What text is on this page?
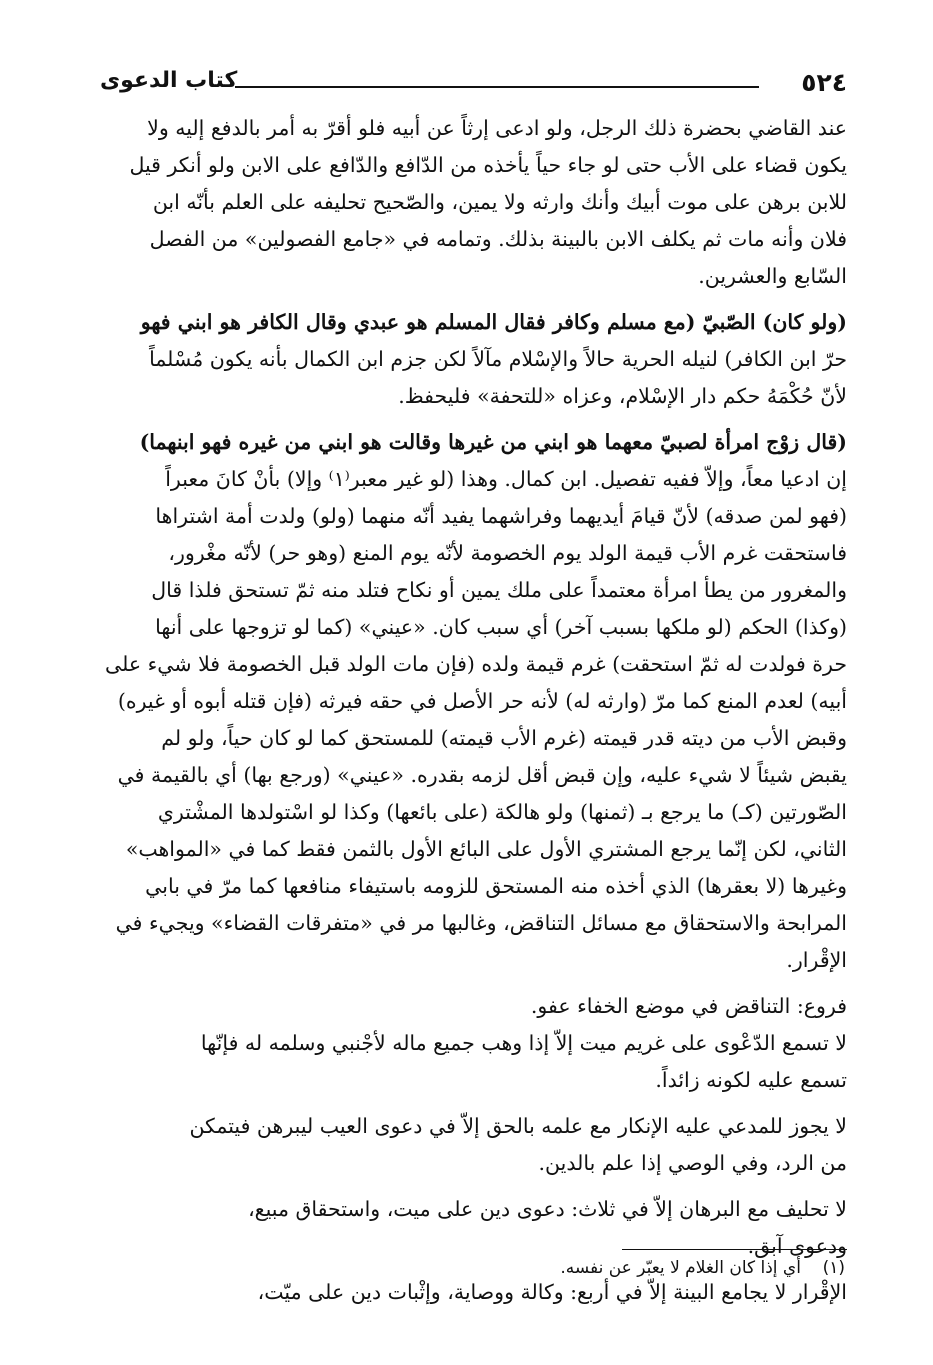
٥٢٤
كتاب الدعوى
عند القاضي بحضرة ذلك الرجل، ولو ادعى إرثاً عن أبيه فلو أقرّ به أمر بالدفع إليه ولا
يكون قضاء على الأب حتى لو جاء حياً يأخذه من الدّافع والدّافع على الابن ولو أنكر قيل
للابن برهن على موت أبيك وأنك وارثه ولا يمين، والصّحيح تحليفه على العلم بأنّه ابن
فلان وأنه مات ثم يكلف الابن بالبينة بذلك. وتمامه في «جامع الفصولين» من الفصل
السّابع والعشرين.
(ولو كان) الصّبيّ (مع مسلم وكافر فقال المسلم هو عبدي وقال الكافر هو ابني فهو
حرّ ابن الكافر) لنيله الحرية حالاً والإسْلام مآلاً لكن جزم ابن الكمال بأنه يكون مُسْلماً
لأنّ حُكْمَهُ حكم دار الإسْلام، وعزاه «للتحفة» فليحفظ.
(قال زوْج امرأة لصبيّ معهما هو ابني من غيرها وقالت هو ابني من غيره فهو ابنهما)
إن ادعيا معاً، وإلاّ ففيه تفصيل. ابن كمال. وهذا (لو غير معبر⁽١⁾ وإلا) بأنْ كانَ معبراً
(فهو لمن صدقه) لأنّ قيامَ أيديهما وفراشهما يفيد أنّه منهما (ولو) ولدت أمة اشتراها
فاستحقت غرم الأب قيمة الولد يوم الخصومة لأنّه يوم المنع (وهو حر) لأنّه مغْرور،
والمغرور من يطأ امرأة معتمداً على ملك يمين أو نكاح فتلد منه ثمّ تستحق فلذا قال
(وكذا) الحكم (لو ملكها بسبب آخر) أي سبب كان. «عيني» (كما لو تزوجها على أنها
حرة فولدت له ثمّ استحقت) غرم قيمة ولده (فإن مات الولد قبل الخصومة فلا شيء على
أبيه) لعدم المنع كما مرّ (وارثه له) لأنه حر الأصل في حقه فيرثه (فإن قتله أبوه أو غيره)
وقبض الأب من ديته قدر قيمته (غرم الأب قيمته) للمستحق كما لو كان حياً، ولو لم
يقبض شيئاً لا شيء عليه، وإن قبض أقل لزمه بقدره. «عيني» (ورجع بها) أي بالقيمة في
الصّورتين (كـ) ما يرجع بـ (ثمنها) ولو هالكة (على بائعها) وكذا لو اسْتولدها المشْتري
الثاني، لكن إنّما يرجع المشتري الأول على البائع الأول بالثمن فقط كما في «المواهب»
وغيرها (لا بعقرها) الذي أخذه منه المستحق للزومه باستيفاء منافعها كما مرّ في بابي
المرابحة والاستحقاق مع مسائل التناقض، وغالبها مر في «متفرقات القضاء» ويجيء في
الإقْرار.
فروع: التناقض في موضع الخفاء عفو.
لا تسمع الدّعْوى على غريم ميت إلاّ إذا وهب جميع ماله لأجْنبي وسلمه له فإنّها
تسمع عليه لكونه زائداً.
لا يجوز للمدعي عليه الإنكار مع علمه بالحق إلاّ في دعوى العيب ليبرهن فيتمكن
من الرد، وفي الوصي إذا علم بالدين.
لا تحليف مع البرهان إلاّ في ثلاث: دعوى دين على ميت، واستحقاق مبيع،
ودعوى آبق.
الإقْرار لا يجامع البينة إلاّ في أربع: وكالة ووصاية، وإثْبات دين على ميّت،
(١)    أي إذا كان الغلام لا يعبّر عن نفسه.
